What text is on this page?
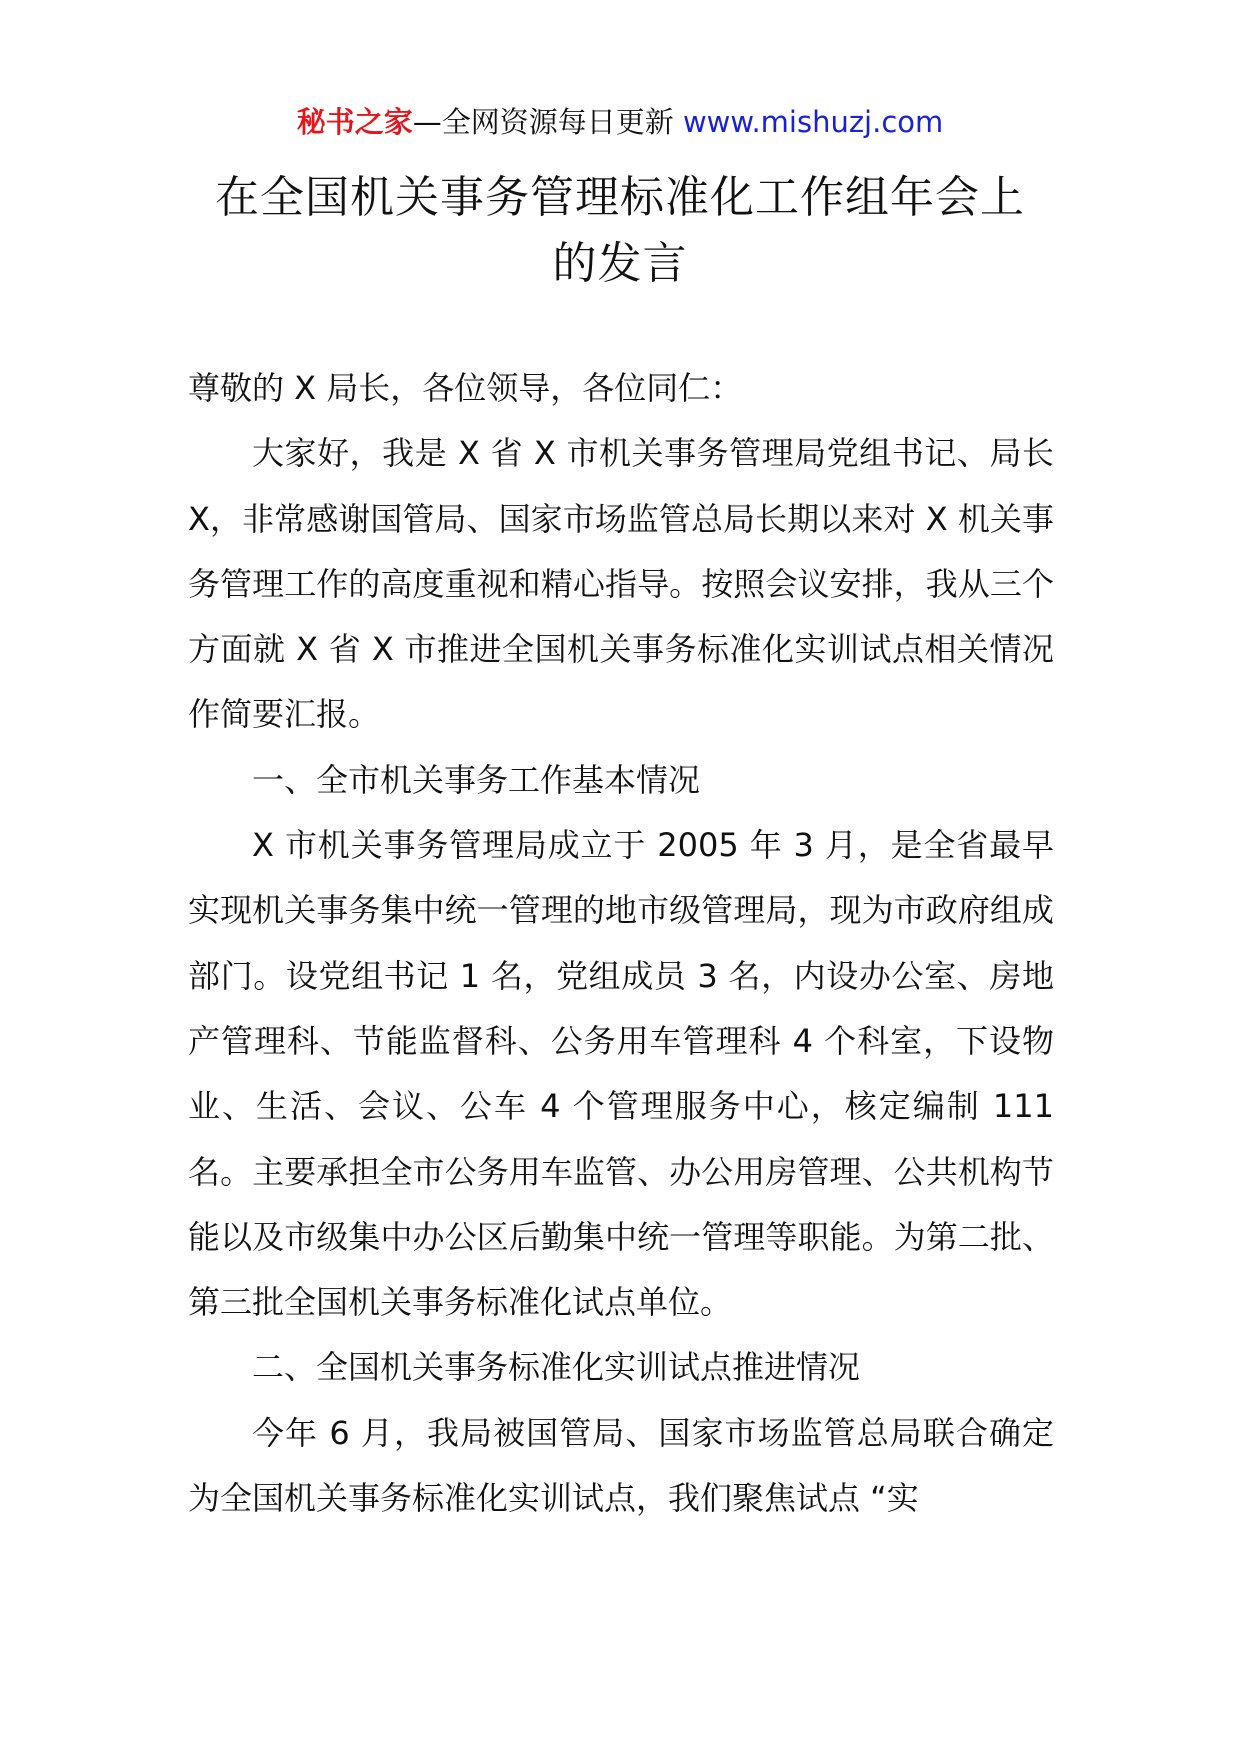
秘书之家—全网资源每日更新 www.mishuzj.com
在全国机关事务管理标准化工作组年会上
的发言

尊敬的 X 局长，各位领导，各位同仁：

大家好，我是 X 省 X 市机关事务管理局党组书记、局长 X，非常感谢国管局、国家市场监管总局长期以来对 X 机关事务管理工作的高度重视和精心指导。按照会议安排，我从三个方面就 X 省 X 市推进全国机关事务标准化实训试点相关情况作简要汇报。

一、全市机关事务工作基本情况

X 市机关事务管理局成立于 2005 年 3 月，是全省最早实现机关事务集中统一管理的地市级管理局，现为市政府组成部门。设党组书记 1 名，党组成员 3 名，内设办公室、房地产管理科、节能监督科、公务用车管理科 4 个科室，下设物业、生活、会议、公车 4 个管理服务中心，核定编制 111 名。主要承担全市公务用车监管、办公用房管理、公共机构节能以及市级集中办公区后勤集中统一管理等职能。为第二批、第三批全国机关事务标准化试点单位。

二、全国机关事务标准化实训试点推进情况

今年 6 月，我局被国管局、国家市场监管总局联合确定为全国机关事务标准化实训试点，我们聚焦试点 “实
